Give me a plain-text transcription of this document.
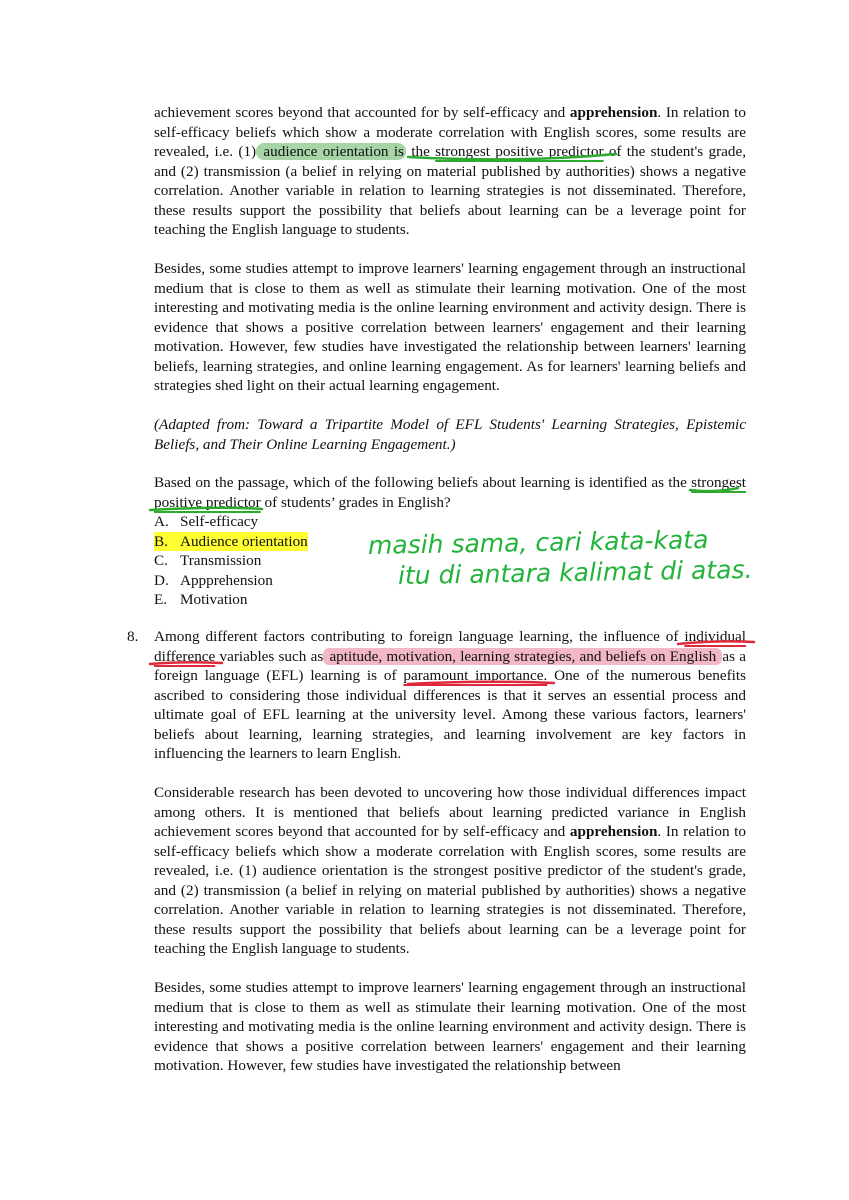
achievement scores beyond that accounted for by self-efficacy and apprehension. In relation to self-efficacy beliefs which show a moderate correlation with English scores, some results are revealed, i.e. (1) audience orientation is the strongest positive predictor of the student's grade, and (2) transmission (a belief in relying on material published by authorities) shows a negative correlation. Another variable in relation to learning strategies is not disseminated. Therefore, these results support the possibility that beliefs about learning can be a leverage point for teaching the English language to students.

Besides, some studies attempt to improve learners' learning engagement through an instructional medium that is close to them as well as stimulate their learning motivation. One of the most interesting and motivating media is the online learning environment and activity design. There is evidence that shows a positive correlation between learners' engagement and their learning motivation. However, few studies have investigated the relationship between learners' learning beliefs, learning strategies, and online learning engagement. As for learners' learning beliefs and strategies shed light on their actual learning engagement.

(Adapted from: Toward a Tripartite Model of EFL Students' Learning Strategies, Epistemic Beliefs, and Their Online Learning Engagement.)

Based on the passage, which of the following beliefs about learning is identified as the strongest positive predictor of students’ grades in English?

A. Self-efficacy
B. Audience orientation
C. Transmission
D. Appprehension
E. Motivation
masih sama, cari kata-kata
itu di antara kalimat di atas.
8. Among different factors contributing to foreign language learning, the influence of individual difference variables such as aptitude, motivation, learning strategies, and beliefs on English as a foreign language (EFL) learning is of paramount importance. One of the numerous benefits ascribed to considering those individual differences is that it serves an essential process and ultimate goal of EFL learning at the university level. Among these various factors, learners' beliefs about learning, learning strategies, and learning involvement are key factors in influencing the learners to learn English.

Considerable research has been devoted to uncovering how those individual differences impact among others. It is mentioned that beliefs about learning predicted variance in English achievement scores beyond that accounted for by self-efficacy and apprehension. In relation to self-efficacy beliefs which show a moderate correlation with English scores, some results are revealed, i.e. (1) audience orientation is the strongest positive predictor of the student's grade, and (2) transmission (a belief in relying on material published by authorities) shows a negative correlation. Another variable in relation to learning strategies is not disseminated. Therefore, these results support the possibility that beliefs about learning can be a leverage point for teaching the English language to students.

Besides, some studies attempt to improve learners' learning engagement through an instructional medium that is close to them as well as stimulate their learning motivation. One of the most interesting and motivating media is the online learning environment and activity design. There is evidence that shows a positive correlation between learners' engagement and their learning motivation. However, few studies have investigated the relationship between
